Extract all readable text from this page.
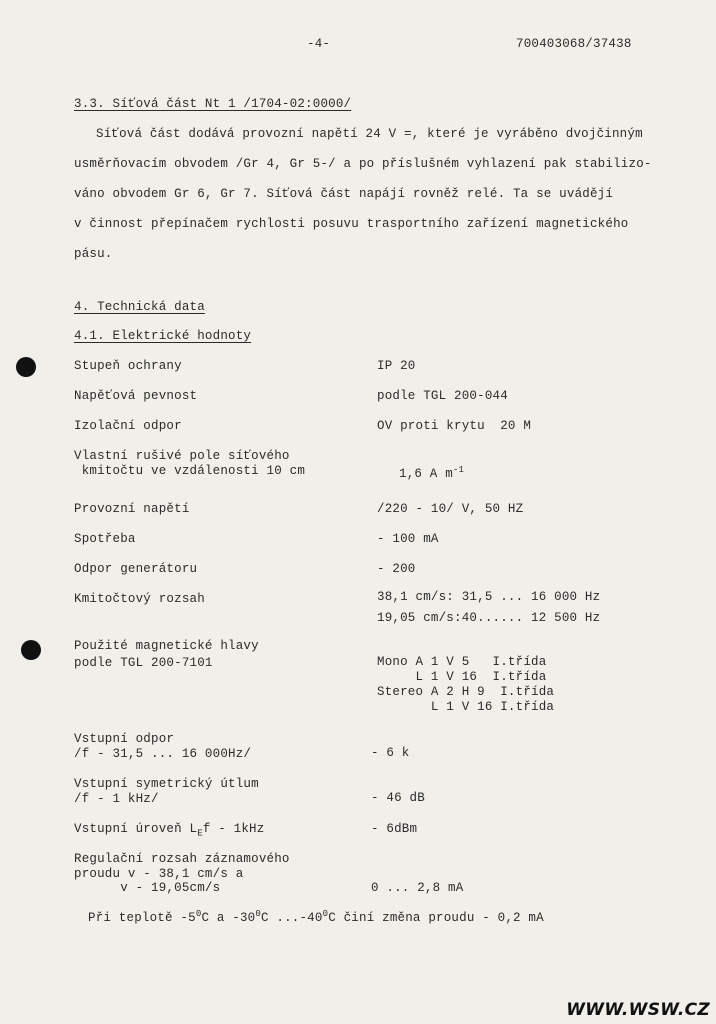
-4-	700403068/37438
3.3. Síťová část Nt 1 /1704-02:0000/
Síťová část dodává provozní napětí 24 V =, které je vyráběno dvojčinným
usměrňovacím obvodem /Gr 4, Gr 5-/ a po příslušném vyhlazení pak stabilizo-
váno obvodem Gr 6, Gr 7. Síťová část napájí rovněž relé. Ta se uvádějí
v činnost přepínačem rychlosti posuvu trasportního zařízení magnetického
pásu.
4. Technická data
4.1. Elektrické hodnoty
Stupeň ochrany	IP 20
Napěťová pevnost	podle TGL 200-044
Izolační odpor	OV proti krytu  20 M
Vlastní rušivé pole síťového
kmitočtu ve vzdálenosti 10 cm	1,6 A $m^{-1}$
Provozní napětí	/220 - 10/ V, 50 HZ
Spotřeba	- 100 mA
Odpor generátoru	- 200
Kmitočtový rozsah	38,1 cm/s: 31,5 ... 16 000 Hz
19,05 cm/s:40...... 12 500 Hz
Použité magnetické hlavy
podle TGL 200-7101	Mono A 1 V 5   I.třída
L 1 V 16  I.třída
Stereo A 2 H 9  I.třída
L 1 V 16 I.třída
Vstupní odpor
/f - 31,5 ... 16 000Hz/	- 6 k
Vstupní symetrický útlum
/f - 1 kHz/	- 46 dB
Vstupní úroveň $L_Ef - 1kHz$	- 6dBm
Regulační rozsah záznamového
proudu v - 38,1 cm/s a
v - 19,05cm/s	0 ... 2,8 mA
Při teplotě $-5^0C$ a $-30^0C$ $...-40^0C$ činí změna proudu - 0,2 mA
WWW.WSW.CZ
